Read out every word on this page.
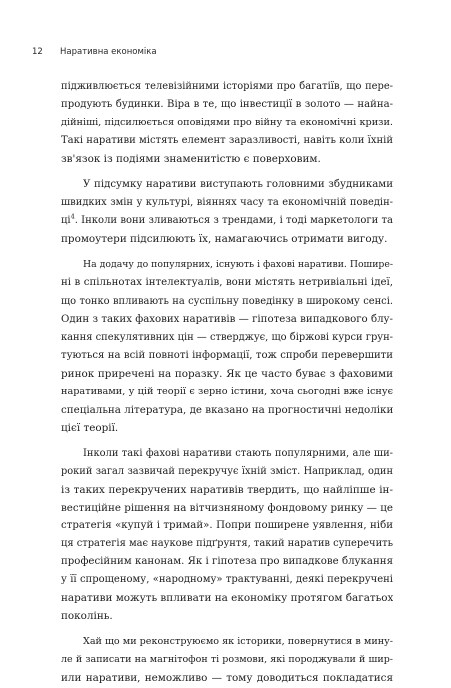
12 Наративна економіка

підживлюється телевізійними історіями про багатіїв, що пере-
продують будинки. Віра в те, що інвестиції в золото — найна-
дійніші, підсилюється оповідями про війну та економічні кризи.
Такі наративи містять елемент заразливості, навіть коли їхній
зв'язок із подіями знаменитістю є поверховим.

У підсумку наративи виступають головними збудниками
швидких змін у культурі, віяннях часу та економічній поведін-
$ці^4$. Інколи вони зливаються з трендами, і тоді маркетологи та
промоутери підсилюють їх, намагаючись отримати вигоду.

На додачу до популярних, існують і фахові наративи. Пошире-
ні в спільнотах інтелектуалів, вони містять нетривіальні ідеї,
що тонко впливають на суспільну поведінку в широкому сенсі.
Один з таких фахових наративів — гіпотеза випадкового блу-
кання спекулятивних цін — стверджує, що біржові курси грун-
туються на всій повноті інформації, тож спроби перевершити
ринок приречені на поразку. Як це часто буває з фаховими
наративами, у цій теорії є зерно істини, хоча сьогодні вже існує
спеціальна література, де вказано на прогностичні недоліки
цієї теорії.

Інколи такі фахові наративи стають популярними, але ши-
рокий загал зазвичай перекручує їхній зміст. Наприклад, один
із таких перекручених наративів твердить, що найліпше ін-
вестиційне рішення на вітчизняному фондовому ринку — це
стратегія «купуй і тримай». Попри поширене уявлення, ніби
ця стратегія має наукове підґрунтя, такий наратив суперечить
професійним канонам. Як і гіпотеза про випадкове блукання
у її спрощеному, «народному» трактуванні, деякі перекручені
наративи можуть впливати на економіку протягом багатьох
поколінь.

Хай що ми реконструюємо як історики, повернутися в мину-
ле й записати на магнітофон ті розмови, які породжували й шир-
или наративи, неможливо — тому доводиться покладатися
